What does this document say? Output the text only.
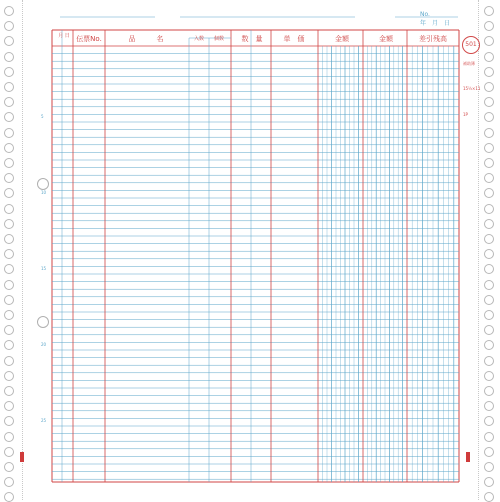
No.
年　月　日
月 日 伝票No.	品　　　名	入数	個数	数　量	単　価	金額	金額	差引残高
5
10
15
20
25
501
補助簿
15½×11
1P
